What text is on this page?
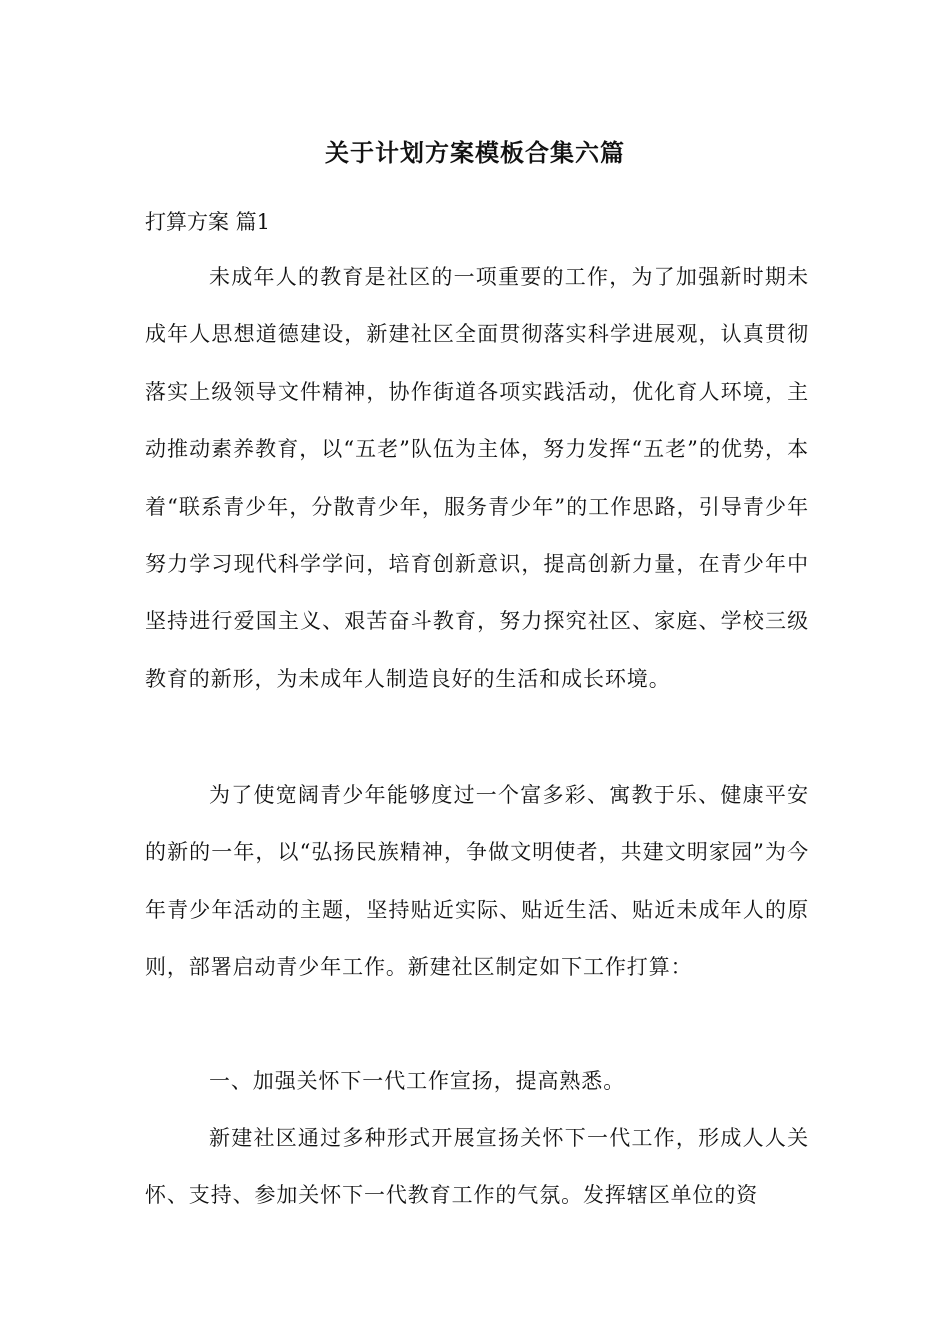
关于计划方案模板合集六篇
打算方案 篇1

未成年人的教育是社区的一项重要的工作，为了加强新时期未成年人思想道德建设，新建社区全面贯彻落实科学进展观，认真贯彻落实上级领导文件精神，协作街道各项实践活动，优化育人环境，主动推动素养教育，以“五老”队伍为主体，努力发挥“五老”的优势，本着“联系青少年，分散青少年，服务青少年”的工作思路，引导青少年努力学习现代科学学问，培育创新意识，提高创新力量，在青少年中坚持进行爱国主义、艰苦奋斗教育，努力探究社区、家庭、学校三级教育的新形，为未成年人制造良好的生活和成长环境。

为了使宽阔青少年能够度过一个富多彩、寓教于乐、健康平安的新的一年，以“弘扬民族精神，争做文明使者，共建文明家园”为今年青少年活动的主题，坚持贴近实际、贴近生活、贴近未成年人的原则，部署启动青少年工作。新建社区制定如下工作打算：

一、加强关怀下一代工作宣扬，提高熟悉。

新建社区通过多种形式开展宣扬关怀下一代工作，形成人人关怀、支持、参加关怀下一代教育工作的气氛。发挥辖区单位的资
